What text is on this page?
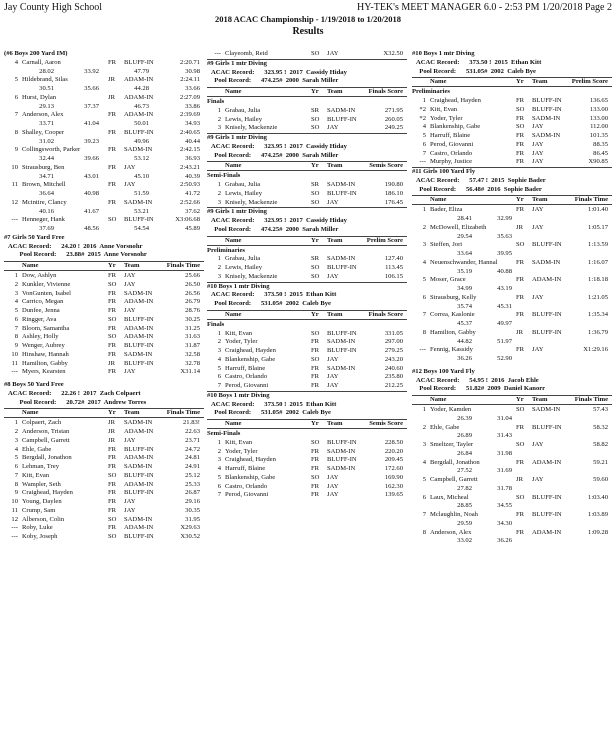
Jay County High School	HY-TEK's MEET MANAGER 6.0 - 2:53 PM 1/20/2018 Page 2
2018 ACAC Championship - 1/19/2018 to 1/20/2018
Results
(#6 Boys 200 Yard IM)
4 Carnall, Aaron	FR BLUFF-IN	2:20.71
28.02	33.92	47.79	30.98
5 Hildebrand, Silas	JR ADAM-IN	2:24.11
30.51	35.66	44.28	33.66
6 Hurst, Dylan	JR ADAM-IN	2:27.09
29.13	37.37	46.73	33.86
7 Anderson, Alex	FR ADAM-IN	2:39.69
33.71	41.04	50.01	34.93
8 Shalley, Cooper	FR BLUFF-IN	2:40.65
31.02	39.23	49.96	40.44
9 Collingsworth, Parker	FR SADM-IN	2:42.15
32.44	39.66	53.12	36.93
10 Strausburg, Ben	FR JAY	2:43.21
34.71	43.01	45.10	40.39
11 Brown, Mitchell	FR JAY	2:50.93
36.64	40.98	51.59	41.72
12 Mcintire, Clancy	FR SADM-IN	2:52.66
40.16	41.67	53.21	37.62
--- Henneger, Hank	SO BLUFF-IN	X3:06.68
37.69	48.56	54.54	45.89
#7 Girls 50 Yard Free
ACAC Record:      24.20 !  2016  Anne Vorsnohr
Pool Record:      23.88#  2015  Anne Vorsnohr
Name	Yr Team	Finals Time
1 Dow, Ashlyn	FR JAY	25.66
2 Kunkler, Vivienne	SO JAY	26.50
3 VonGunten, Isabel	FR SADM-IN	26.56
4 Carrico, Megan	FR ADAM-IN	26.79
5 Dunfee, Jenna	FR JAY	28.76
6 Ringger, Ava	SO BLUFF-IN	30.25
7 Bloom, Samantha	FR ADAM-IN	31.25
8 Ashley, Holly	SO ADAM-IN	31.63
9 Wenger, Aubrey	FR BLUFF-IN	31.87
10 Hinshaw, Hannah	FR SADM-IN	32.58
11 Hamilton, Gabby	JR BLUFF-IN	32.78
--- Myers, Kearsten	FR JAY	X31.14
#8 Boys 50 Yard Free
ACAC Record:      22.26 !  2017  Zach Colpaert
Pool Record:      20.72#  2017  Andrew Torres
Name	Yr Team	Finals Time
1 Colpaert, Zach	JR SADM-IN	21.83!
2 Anderson, Tristan	JR ADAM-IN	22.63
3 Campbell, Garrett	JR JAY	23.71
4 Ehle, Gabe	FR BLUFF-IN	24.72
5 Bergdall, Jonathon	FR ADAM-IN	24.81
6 Lehman, Trey	FR SADM-IN	24.91
7 Kitt, Evan	SO BLUFF-IN	25.12
8 Wampler, Seth	FR ADAM-IN	25.33
9 Craighead, Hayden	FR BLUFF-IN	26.87
10 Young, Daylen	FR JAY	29.16
11 Crump, Sam	FR JAY	30.35
12 Alberson, Colin	SO SADM-IN	31.95
--- Roby, Luke	FR ADAM-IN	X29.63
--- Koby, Joseph	SO BLUFF-IN	X30.52
--- Clayeomb, Reid	SO JAY	X32.50
#9 Girls 1 mtr Diving
ACAC Record:      323.95 !  2017  Cassidy Hiday
Pool Record:      474.25#  2000  Sarah Miller
Name	Yr Team	Finals Score
Finals
1 Grabau, Julia	SR SADM-IN	271.95
2 Lewis, Hailey	SO BLUFF-IN	260.05
3 Knisely, Mackenzie	SO JAY	249.25
#9 Girls 1 mtr Diving
ACAC Record:      323.95 !  2017  Cassidy Hiday
Pool Record:      474.25#  2000  Sarah Miller
Name	Yr Team	Semis Score
Semi-Finals
1 Grabau, Julia	SR SADM-IN	190.80
2 Lewis, Hailey	SO BLUFF-IN	186.10
3 Knisely, Mackenzie	SO JAY	176.45
#9 Girls 1 mtr Diving
ACAC Record:      323.95 !  2017  Cassidy Hiday
Pool Record:      474.25#  2000  Sarah Miller
Name	Yr Team	Prelim Score
Preliminaries
1 Grabau, Julia	SR SADM-IN	127.40
2 Lewis, Hailey	SO BLUFF-IN	113.45
3 Knisely, Mackenzie	SO JAY	106.15
#10 Boys 1 mtr Diving
ACAC Record:      373.50 !  2015  Ethan Kitt
Pool Record:      531.05#  2002  Caleb Bye
Name	Yr Team	Finals Score
Finals
1 Kitt, Evan	SO BLUFF-IN	331.05
2 Yoder, Tyler	FR SADM-IN	297.00
3 Craighead, Hayden	FR BLUFF-IN	279.25
4 Blankenship, Gabe	SO JAY	243.20
5 Harruff, Blaine	FR SADM-IN	240.60
6 Castro, Orlando	FR JAY	235.80
7 Perod, Giovanni	FR JAY	212.25
#10 Boys 1 mtr Diving
ACAC Record:      373.50 !  2015  Ethan Kitt
Pool Record:      531.05#  2002  Caleb Bye
Name	Yr Team	Semis Score
Semi-Finals
1 Kitt, Evan	SO BLUFF-IN	228.50
2 Yoder, Tyler	FR SADM-IN	220.20
3 Craighead, Hayden	FR BLUFF-IN	209.45
4 Harruff, Blaine	FR SADM-IN	172.60
5 Blankenship, Gabe	SO JAY	169.90
6 Castro, Orlando	FR JAY	162.30
7 Perod, Giovanni	FR JAY	139.65
#10 Boys 1 mtr Diving
ACAC Record:      373.50 !  2015  Ethan Kitt
Pool Record:      531.05#  2002  Caleb Bye
Name	Yr Team	Prelim Score
Preliminaries
1 Craighead, Hayden	FR BLUFF-IN	136.65
*2 Kitt, Evan	SO BLUFF-IN	133.00
*2 Yoder, Tyler	FR SADM-IN	133.00
4 Blankenship, Gabe	SO JAY	112.00
5 Harruff, Blaine	FR SADM-IN	101.35
6 Perod, Giovanni	FR JAY	88.35
7 Castro, Orlando	FR JAY	86.45
--- Murphy, Justice	FR JAY	X90.85
#11 Girls 100 Yard Fly
ACAC Record:      57.47 !  2015  Sophie Bader
Pool Record:      56.48#  2016  Sophie Bader
Name	Yr Team	Finals Time
1 Bader, Eliza	FR JAY	1:01.40
28.41	32.99
2 McDowell, Elizabeth	JR JAY	1:05.17
29.54	35.63
3 Steffen, Jori	SO BLUFF-IN	1:13.59
33.64	39.95
4 Neuenschwander, Hannal	FR SADM-IN	1:16.07
35.19	40.88
5 Moser, Grace	FR ADAM-IN	1:18.18
34.99	43.19
6 Strausburg, Kelly	FR JAY	1:21.05
35.74	45.31
7 Correa, Kaslonie	FR BLUFF-IN	1:35.34
45.37	49.97
8 Hamilton, Gabby	JR BLUFF-IN	1:36.79
44.82	51.97
--- Fennig, Kassidy	FR JAY	X1:29.16
36.26	52.90
#12 Boys 100 Yard Fly
ACAC Record:      54.95 !  2016  Jacob Ehle
Pool Record:      51.82#  2009  Daniel Kanorr
Name	Yr Team	Finals Time
1 Yoder, Kamden	SO SADM-IN	57.43
26.39	31.04
2 Ehle, Gabe	FR BLUFF-IN	58.32
26.89	31.43
3 Smeltzer, Tayler	SO JAY	58.82
26.84	31.98
4 Bergdall, Jonathon	FR ADAM-IN	59.21
27.52	31.69
5 Campbell, Garrett	JR JAY	59.60
27.82	31.78
6 Laux, Micheal	SO BLUFF-IN	1:03.40
28.85	34.55
7 Mclaughlin, Noah	FR BLUFF-IN	1:03.89
29.59	34.30
8 Anderson, Alex	FR ADAM-IN	1:09.28
33.02	36.26
